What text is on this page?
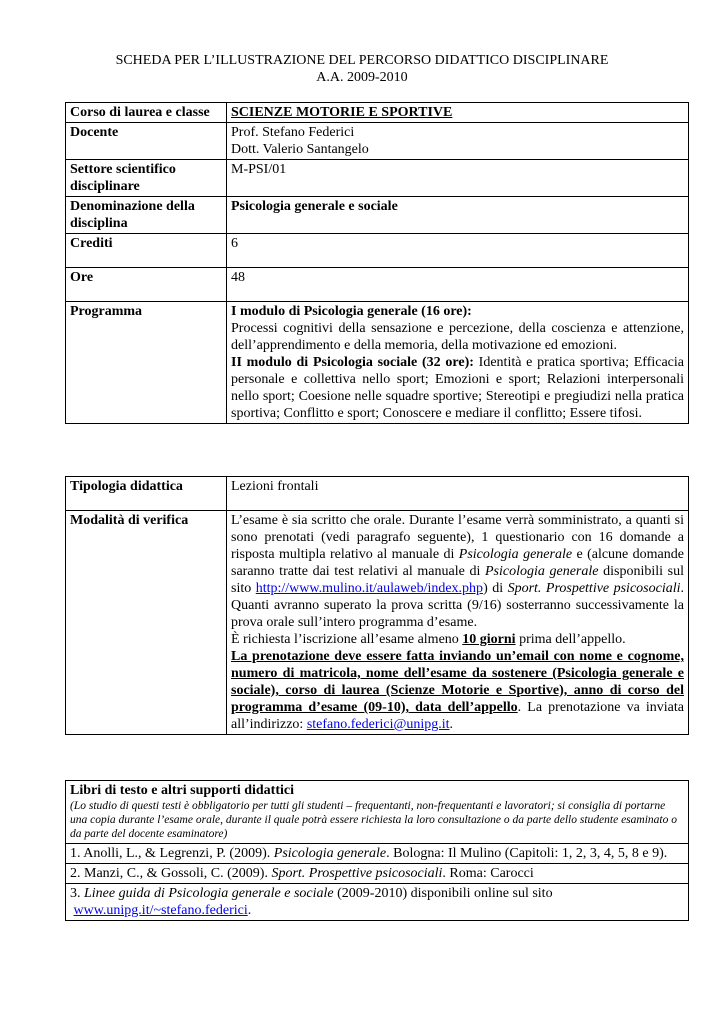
SCHEDA PER L’ILLUSTRAZIONE DEL PERCORSO DIDATTICO DISCIPLINARE
A.A. 2009-2010
Corso di laurea e classe	SCIENZE MOTORIE E SPORTIVE
Docente	Prof. Stefano Federici
Dott. Valerio Santangelo

Settore scientifico disciplinare	M-PSI/01
Denominazione della disciplina	Psicologia generale e sociale
Crediti	6
Ore	48
Programma	I modulo di Psicologia generale (16 ore):
Processi cognitivi della sensazione e percezione, della coscienza e attenzione, dell’apprendimento e della memoria, della motivazione ed emozioni.
II modulo di Psicologia sociale (32 ore): Identità e pratica sportiva; Efficacia personale e collettiva nello sport; Emozioni e sport; Relazioni interpersonali nello sport; Coesione nelle squadre sportive; Stereotipi e pregiudizi nella pratica sportiva; Conflitto e sport; Conoscere e mediare il conflitto; Essere tifosi.
Tipologia didattica	Lezioni frontali
Modalità di verifica	L’esame è sia scritto che orale. Durante l’esame verrà somministrato, a quanti si sono prenotati (vedi paragrafo seguente), 1 questionario con 16 domande a risposta multipla relativo al manuale di Psicologia generale e (alcune domande saranno tratte dai test relativi al manuale di Psicologia generale disponibili sul sito http://www.mulino.it/aulaweb/index.php) di Sport. Prospettive psicosociali. Quanti avranno superato la prova scritta (9/16) sosterranno successivamente la prova orale sull’intero programma d’esame.
È richiesta l’iscrizione all’esame almeno 10 giorni prima dell’appello.
La prenotazione deve essere fatta inviando un’email con nome e cognome, numero di matricola, nome dell’esame da sostenere (Psicologia generale e sociale), corso di laurea (Scienze Motorie e Sportive), anno di corso del programma d’esame (09-10), data dell’appello. La prenotazione va inviata all’indirizzo: stefano.federici@unipg.it.
Libri di testo e altri supporti didattici
(Lo studio di questi testi è obbligatorio per tutti gli studenti – frequentanti, non-frequentanti e lavoratori; si consiglia di portarne una copia durante l’esame orale, durante il quale potrà essere richiesta la loro consultazione o da parte dello studente esaminato o da parte del docente esaminatore)

1. Anolli, L., & Legrenzi, P. (2009). Psicologia generale. Bologna: Il Mulino (Capitoli: 1, 2, 3, 4, 5, 8 e 9).
2. Manzi, C., & Gossoli, C. (2009). Sport. Prospettive psicosociali. Roma: Carocci

3. Linee guida di Psicologia generale e sociale (2009-2010) disponibili online sul sito
www.unipg.it/~stefano.federici.
